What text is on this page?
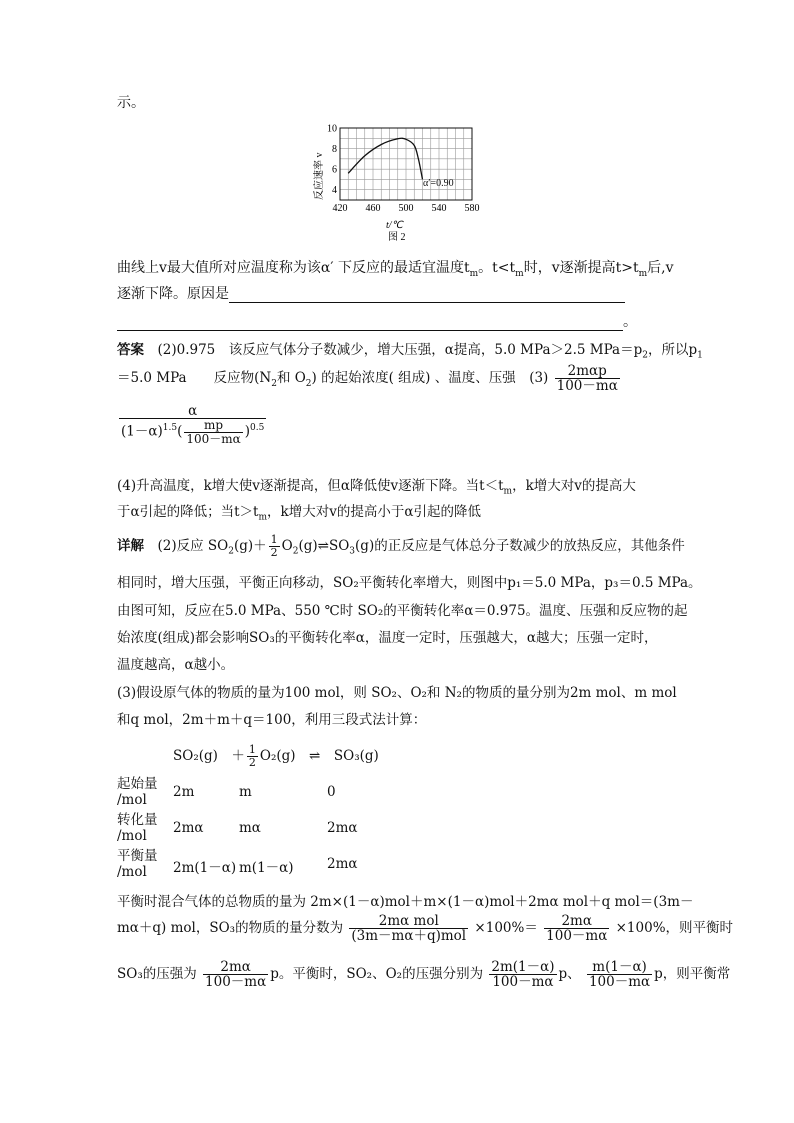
示。
420 460 500 540 580
4
6
8
10
α′=0.90
t/℃
图 2
反应速率 v
曲线上v最大值所对应温度称为该α′ 下反应的最适宜温度$t_m$。$t<t_m$时，v逐渐提高$t>t_m$后,v
逐渐下降。原因是
。
答案　 (2)0.975　该反应气体分子数减少，增大压强，α提高，5.0 MPa＞2.5 $MPa=p_2$，所以$p_1$
＝5.0 MPa　　反应物($N_2$和 $O_2$) 的起始浓度( 组成) 、温度、压强　$(3) \frac{\text{2mαp}}{100-m\alpha}$
$\frac{\alpha}{(1-\alpha)^{1.5}( \frac{mp}{100-m\alpha} )^{0.5}}$
(4)升高温度，k增大使v逐渐提高，但α降低使v逐渐下降。当$t<t_m$，k增大对v的提高大
于α引起的降低；当$t>t_m$，k增大对v的提高小于α引起的降低
详解　 (2)反应 $SO_2(g)+ \frac{1}{2}$ $O_2(g)\rightleftharpoons SO_3(g)$的正反应是气体总分子数减少的放热反应，其他条件
相同时，增大压强，平衡正向移动，SO₂平衡转化率增大，则图中p₁＝5.0 MPa，p₃＝0.5 MPa。
由图可知，反应在5.0 MPa、550 ℃时 SO₂的平衡转化率α＝0.975。温度、压强和反应物的起
始浓度(组成)都会影响SO₃的平衡转化率α，温度一定时，压强越大，α越大；压强一定时，
温度越高，α越小。
(3)假设原气体的物质的量为100 mol，则 SO₂、O₂和 N₂的物质的量分别为2m mol、m mol
和q mol，2m＋m＋q＝100，利用三段式法计算：
SO₂(g)　＋ $\frac{1}{2} O_2(g)$　⇌　SO₃(g)
起始量
/mol	2m	m	0
转化量
/mol	2mα	mα	2mα
平衡量
/mol	2m(1－α) m(1－α) 2mα
平衡时混合气体的总物质的量为 2m×(1－α)mol＋m×(1－α)mol＋2mα mol＋q mol＝(3m－
mα＋q) mol，SO₃的物质的量分数为 $\frac{\text{2mα mol}}{\text{(3m－mα＋q)mol}} \times 100\%= \frac{2m\alpha}{100-m\alpha} \times 100\%$，则平衡时
SO₃的压强为 $\frac{2m\alpha}{100-m\alpha}$ p。平衡时，SO₂、O₂的压强分别为 $\frac{2m(1-\alpha)}{100-m\alpha}$ p、 $\frac{m(1-\alpha)}{100-m\alpha}$ p，则平衡常
